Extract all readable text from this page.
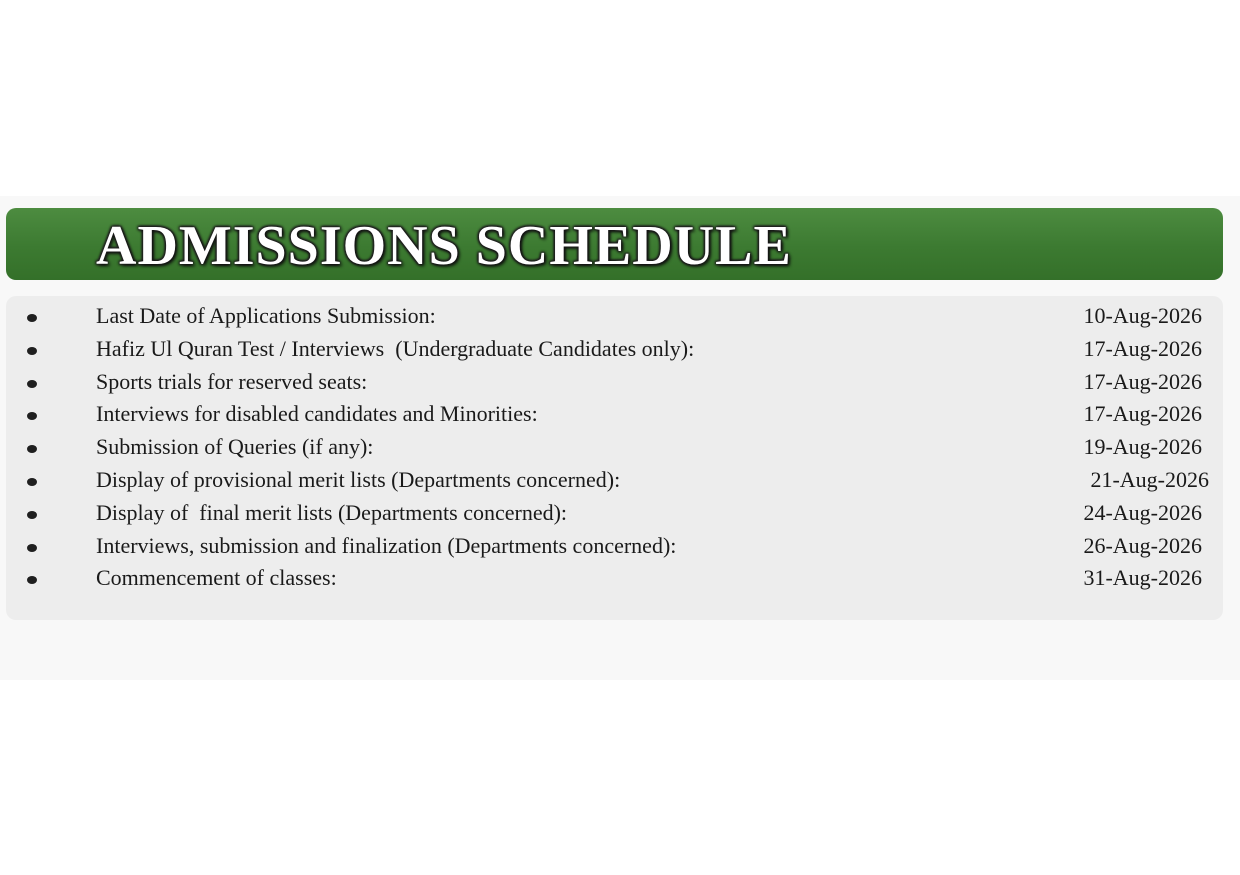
ADMISSIONS SCHEDULE
Last Date of Applications Submission:	10-Aug-2026
Hafiz Ul Quran Test / Interviews  (Undergraduate Candidates only):	17-Aug-2026
Sports trials for reserved seats:	17-Aug-2026
Interviews for disabled candidates and Minorities:	17-Aug-2026
Submission of Queries (if any):	19-Aug-2026
Display of provisional merit lists (Departments concerned):	21-Aug-2026
Display of  final merit lists (Departments concerned):	24-Aug-2026
Interviews, submission and finalization (Departments concerned):	26-Aug-2026
Commencement of classes:	31-Aug-2026
